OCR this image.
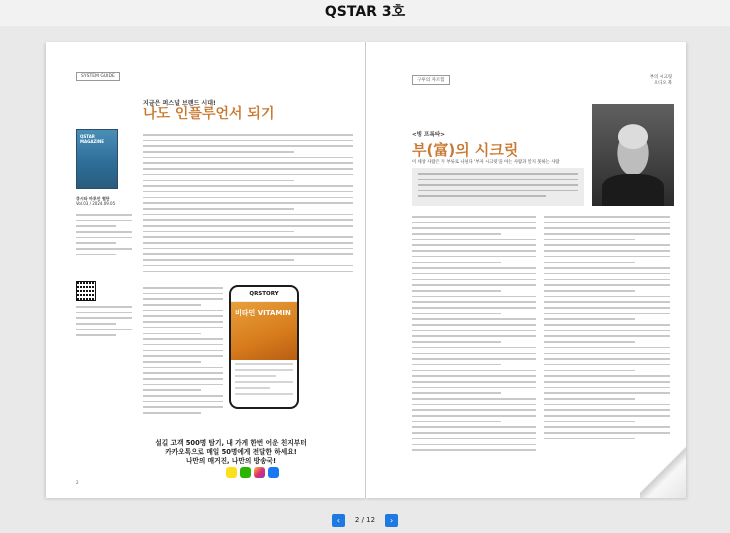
QSTAR 3호
SYSTEM GUIDE
지금은 퍼스널 브랜드 시대!
나도 인플루언서 되기
QSTAR MAGAZINE
큐시타 마루안 협단
Vol.03 / 2024.09.05
QRSTORY
비타민 VITAMIN
설길 고객 500명 탐기, 내 가게 한번 어운 친지부터
카카오톡으로 매일 50명에게 전달한 하세요!
나만의 매거진, 나만의 방송국!
2
구루의 자르힘
부의 시크릿
오디오 북
<빙 프록타>
부(富)의 시크릿
이 세상 사람은 두 부류로 나뉜다 '부자 시크릿'을 아는 사람과 알지 못하는 사람
‹	2 / 12	›
